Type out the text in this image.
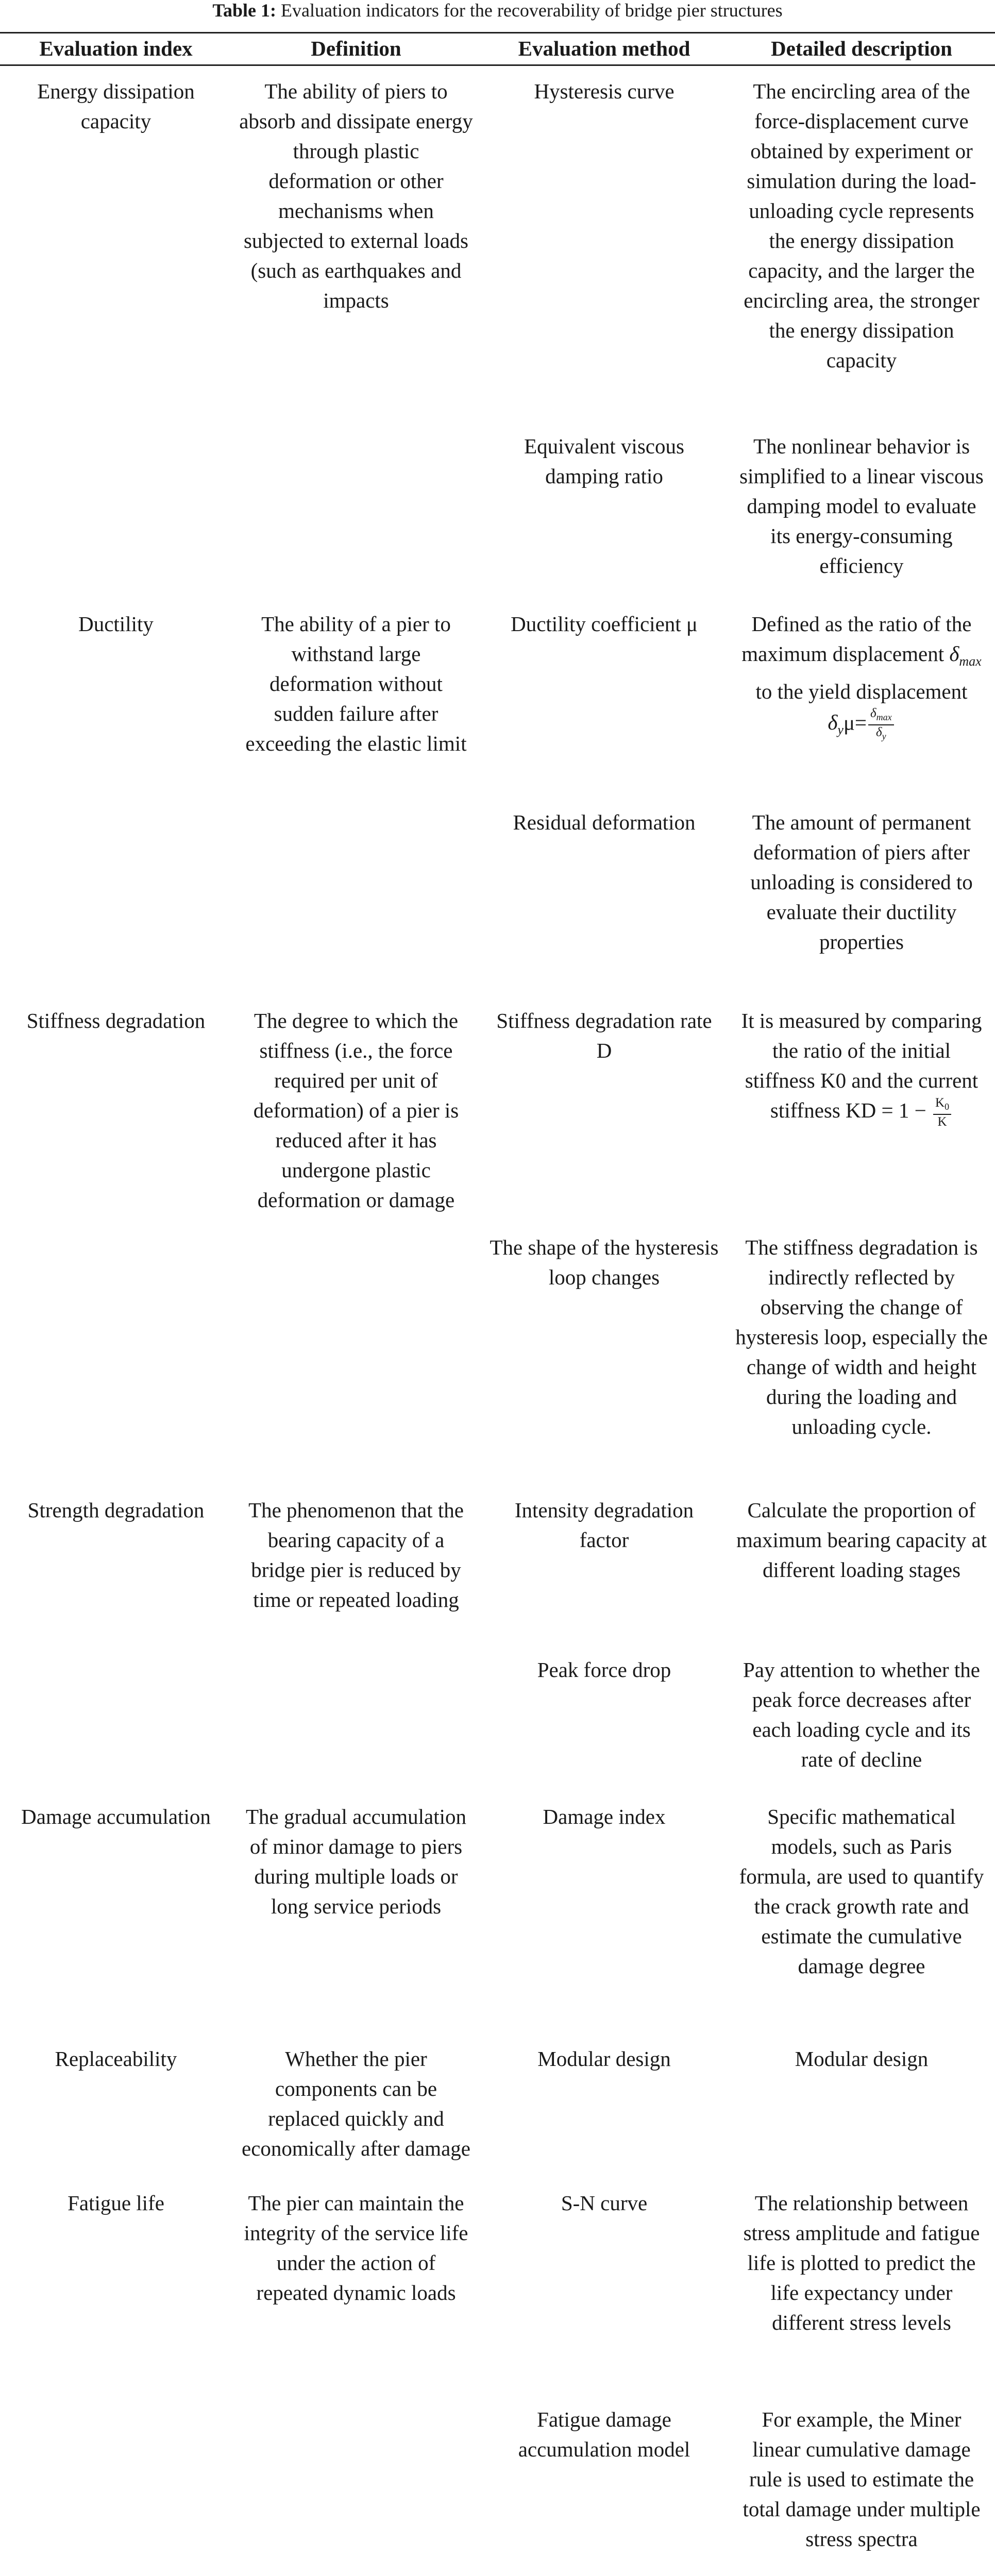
Table 1: Evaluation indicators for the recoverability of bridge pier structures
Evaluation index	Definition	Evaluation method	Detailed description
Energy dissipation capacity	The ability of piers to absorb and dissipate energy through plastic deformation or other mechanisms when subjected to external loads (such as earthquakes and impacts	Hysteresis curve	The encircling area of the force-displacement curve obtained by experiment or simulation during the load-unloading cycle represents the energy dissipation capacity, and the larger the encircling area, the stronger the energy dissipation capacity
		Equivalent viscous damping ratio	The nonlinear behavior is simplified to a linear viscous damping model to evaluate its energy-consuming efficiency
Ductility	The ability of a pier to withstand large deformation without sudden failure after exceeding the elastic limit	Ductility coefficient μ	Defined as the ratio of the maximum displacement $\delta_{max}$ to the yield displacement $\delta_y\mu= \frac{\delta_{max}}{\delta_y}$

		Residual deformation	The amount of permanent deformation of piers after unloading is considered to evaluate their ductility properties
Stiffness degradation	The degree to which the stiffness (i.e., the force required per unit of deformation) of a pier is reduced after it has undergone plastic deformation or damage	Stiffness degradation rate D	It is measured by comparing the ratio of the initial stiffness K0 and the current stiffness KD = $1 - \frac{K_0}{K}$

		The shape of the hysteresis loop changes	The stiffness degradation is indirectly reflected by observing the change of hysteresis loop, especially the change of width and height during the loading and unloading cycle.
Strength degradation	The phenomenon that the bearing capacity of a bridge pier is reduced by time or repeated loading	Intensity degradation factor	Calculate the proportion of maximum bearing capacity at different loading stages
		Peak force drop	Pay attention to whether the peak force decreases after each loading cycle and its rate of decline
Damage accumulation	The gradual accumulation of minor damage to piers during multiple loads or long service periods	Damage index	Specific mathematical models, such as Paris formula, are used to quantify the crack growth rate and estimate the cumulative damage degree
Replaceability	Whether the pier components can be replaced quickly and economically after damage	Modular design	Modular design
Fatigue life	The pier can maintain the integrity of the service life under the action of repeated dynamic loads	S-N curve	The relationship between stress amplitude and fatigue life is plotted to predict the life expectancy under different stress levels
		Fatigue damage accumulation model	For example, the Miner linear cumulative damage rule is used to estimate the total damage under multiple stress spectra
